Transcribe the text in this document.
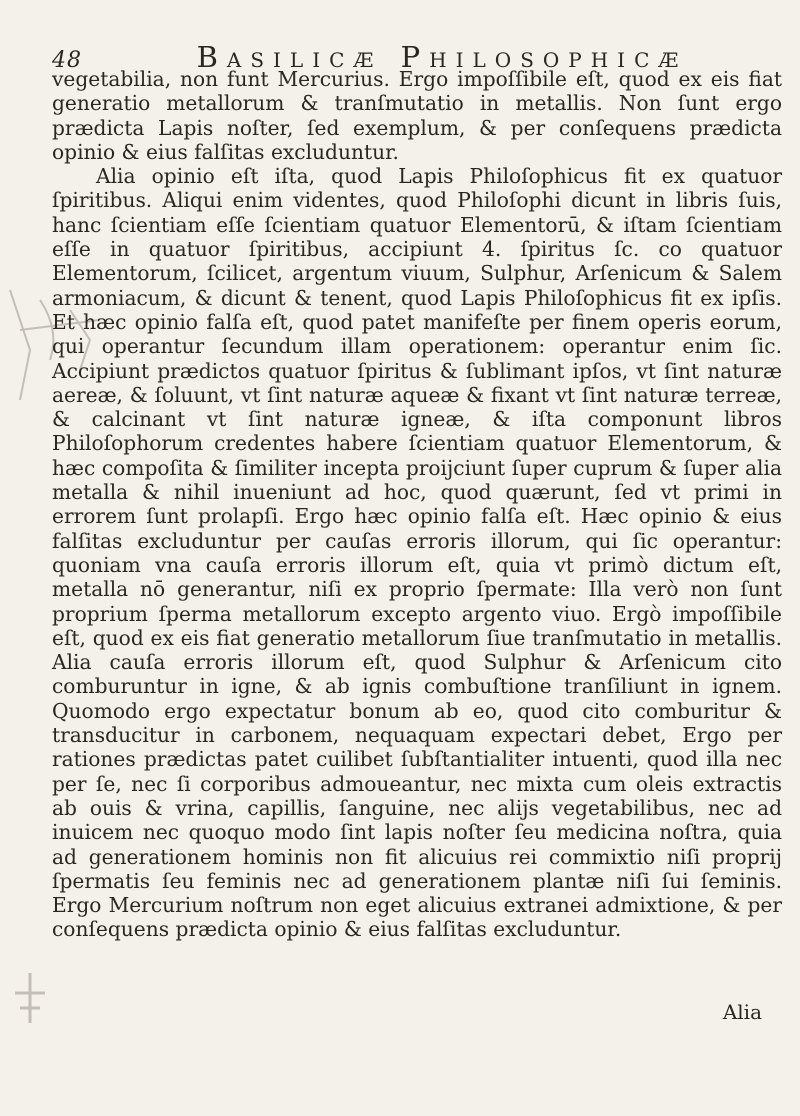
48	Basilicæ Philosophicæ

vegetabilia, non funt Mercurius. Ergo impoſſibile eſt, quod ex eis fiat generatio metallorum & tranſmutatio in metallis. Non ſunt ergo prædicta Lapis noſter, ſed exemplum, & per conſequens prædicta opinio & eius falſitas excluduntur.

Alia opinio eſt iſta, quod Lapis Philoſophicus fit ex quatuor ſpiritibus. Aliqui enim videntes, quod Philoſophi dicunt in libris ſuis, hanc ſcientiam eſſe ſcientiam quatuor Elementorū, & iſtam ſcientiam eſſe in quatuor ſpiritibus, accipiunt 4. ſpiritus ſc. co quatuor Elementorum, ſcilicet, argentum viuum, Sulphur, Arſenicum & Salem armoniacum, & dicunt & tenent, quod Lapis Philoſophicus fit ex ipſis. Et hæc opinio falſa eſt, quod patet manifeſte per finem operis eorum, qui operantur ſecundum illam operationem: operantur enim ſic. Accipiunt prædictos quatuor ſpiritus & ſublimant ipſos, vt ſint naturæ aereæ, & ſoluunt, vt ſint naturæ aqueæ & fixant vt ſint naturæ terreæ, & calcinant vt ſint naturæ igneæ, & iſta componunt libros Philoſophorum credentes habere ſcientiam quatuor Elementorum, & hæc compoſita & ſimiliter incepta proijciunt ſuper cuprum & ſuper alia metalla & nihil inueniunt ad hoc, quod quærunt, ſed vt primi in errorem ſunt prolapſi. Ergo hæc opinio falſa eſt. Hæc opinio & eius falſitas excluduntur per cauſas erroris illorum, qui ſic operantur: quoniam vna cauſa erroris illorum eſt, quia vt primò dictum eſt, metalla nō generantur, niſi ex proprio ſpermate: Illa verò non ſunt proprium ſperma metallorum excepto argento viuo. Ergò impoſſibile eſt, quod ex eis fiat generatio metallorum ſiue tranſmutatio in metallis. Alia cauſa erroris illorum eſt, quod Sulphur & Arſenicum cito comburuntur in igne, & ab ignis combuſtione tranſiliunt in ignem. Quomodo ergo expectatur bonum ab eo, quod cito comburitur & transducitur in carbonem, nequaquam expectari debet, Ergo per rationes prædictas patet cuilibet ſubſtantialiter intuenti, quod illa nec per ſe, nec ſi corporibus admoueantur, nec mixta cum oleis extractis ab ouis & vrina, capillis, ſanguine, nec alijs vegetabilibus, nec ad inuicem nec quoquo modo ſint lapis noſter ſeu medicina noſtra, quia ad generationem hominis non fit alicuius rei commixtio niſi proprij ſpermatis ſeu feminis nec ad generationem plantæ niſi ſui ſeminis. Ergo Mercurium noſtrum non eget alicuius extranei admixtione, & per conſequens prædicta opinio & eius falſitas excluduntur.

Alia
